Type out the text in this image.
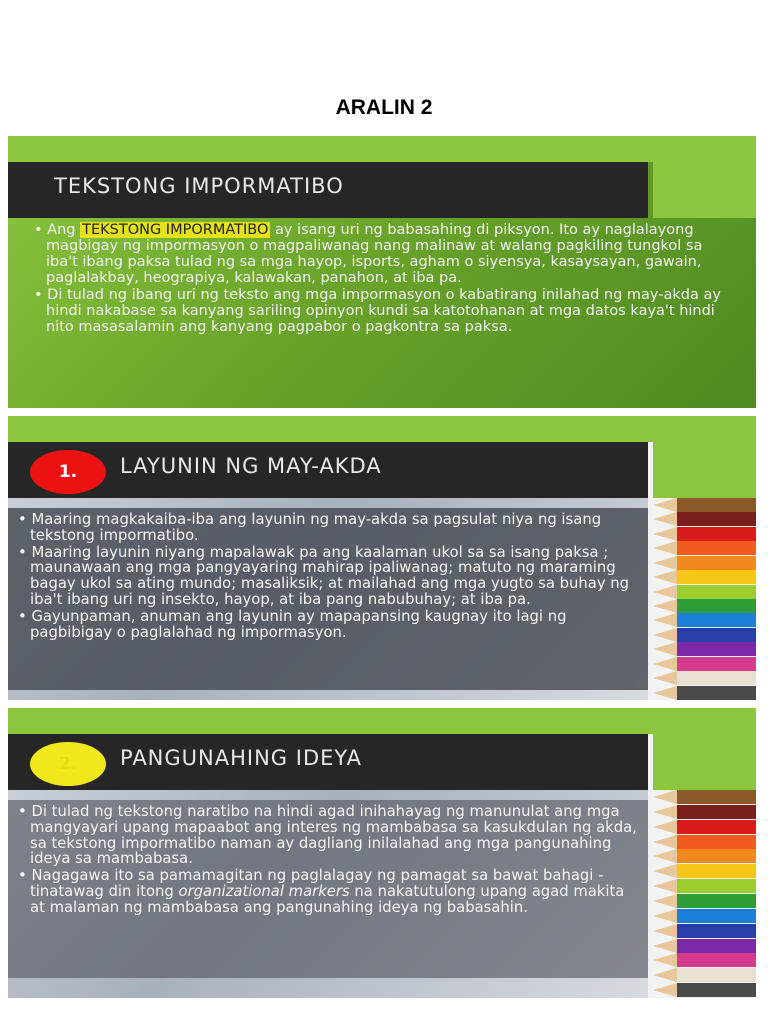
ARALIN 2
TEKSTONG IMPORMATIBO
• Ang TEKSTONG IMPORMATIBO ay isang uri ng babasahing di piksyon. Ito ay naglalayong magbigay ng impormasyon o magpaliwanag nang malinaw at walang pagkiling tungkol sa iba't ibang paksa tulad ng sa mga hayop, isports, agham o siyensya, kasaysayan, gawain, paglalakbay, heograpiya, kalawakan, panahon, at iba pa.
• Di tulad ng ibang uri ng teksto ang mga impormasyon o kabatirang inilahad ng may-akda ay hindi nakabase sa kanyang sariling opinyon kundi sa katotohanan at mga datos kaya't hindi nito masasalamin ang kanyang pagpabor o pagkontra sa paksa.
1.	LAYUNIN NG MAY-AKDA
• Maaring magkakaiba-iba ang layunin ng may-akda sa pagsulat niya ng isang tekstong impormatibo.
• Maaring layunin niyang mapalawak pa ang kaalaman ukol sa sa isang paksa ; maunawaan ang mga pangyayaring mahirap ipaliwanag; matuto ng maraming bagay ukol sa ating mundo; masaliksik; at mailahad ang mga yugto sa buhay ng iba't ibang uri ng insekto, hayop, at iba pang nabubuhay; at iba pa.
• Gayunpaman, anuman ang layunin ay mapapansing kaugnay ito lagi ng pagbibigay o paglalahad ng impormasyon.
2.	PANGUNAHING IDEYA
• Di tulad ng tekstong naratibo na hindi agad inihahayag ng manunulat ang mga mangyayari upang mapaabot ang interes ng mambabasa sa kasukdulan ng akda, sa tekstong impormatibo naman ay dagliang inilalahad ang mga pangunahing ideya sa mambabasa.
• Nagagawa ito sa pamamagitan ng paglalagay ng pamagat sa bawat bahagi - tinatawag din itong organizational markers na nakatutulong upang agad makita at malaman ng mambabasa ang pangunahing ideya ng babasahin.
